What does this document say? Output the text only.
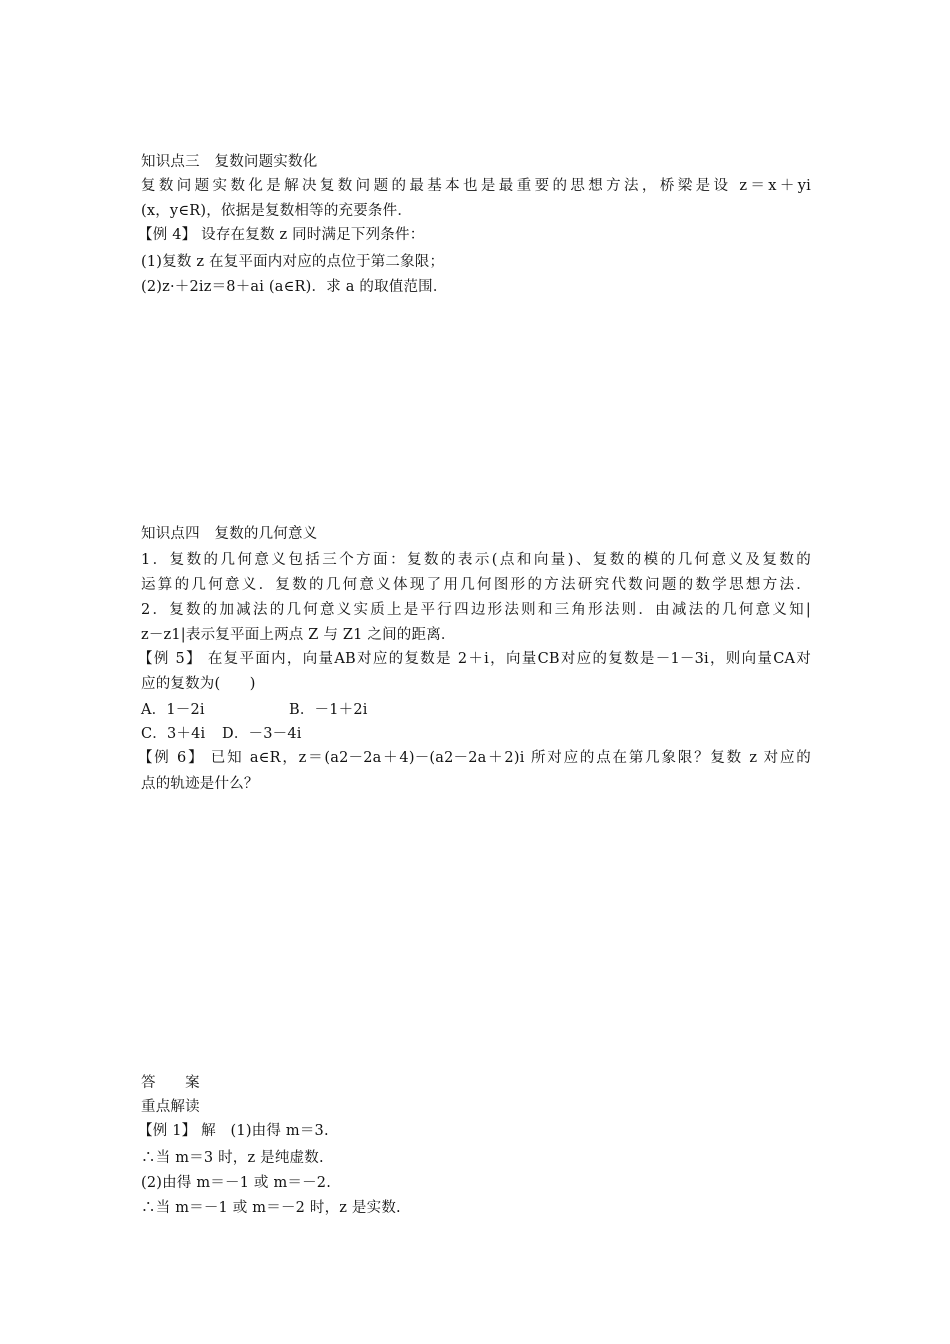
知识点三　复数问题实数化
复数问题实数化是解决复数问题的最基本也是最重要的思想方法，桥梁是设 z＝x＋yi
(x，y∈R)，依据是复数相等的充要条件．
【例 4】 设存在复数 z 同时满足下列条件：
(1)复数 z 在复平面内对应的点位于第二象限；
(2)z·＋2iz＝8＋ai (a∈R)．求 a 的取值范围．
知识点四　复数的几何意义
1．复数的几何意义包括三个方面：复数的表示(点和向量)、复数的模的几何意义及复数的
运算的几何意义．复数的几何意义体现了用几何图形的方法研究代数问题的数学思想方法．
2．复数的加减法的几何意义实质上是平行四边形法则和三角形法则．由减法的几何意义知|
z－z1|表示复平面上两点 Z 与 Z1 之间的距离．
【例 5】 在复平面内，向量AB对应的复数是 2＋i，向量CB对应的复数是－1－3i，则向量CA对
应的复数为(　　)
A．1－2i	B．－1＋2i
C．3＋4i	D．－3－4i
【例 6】 已知 a∈R，z＝(a2－2a＋4)－(a2－2a＋2)i 所对应的点在第几象限？复数 z 对应的
点的轨迹是什么？
答　　案
重点解读
【例 1】 解　(1)由得 m＝3.
∴当 m＝3 时，z 是纯虚数.
(2)由得 m＝－1 或 m＝－2.
∴当 m＝－1 或 m＝－2 时，z 是实数.
